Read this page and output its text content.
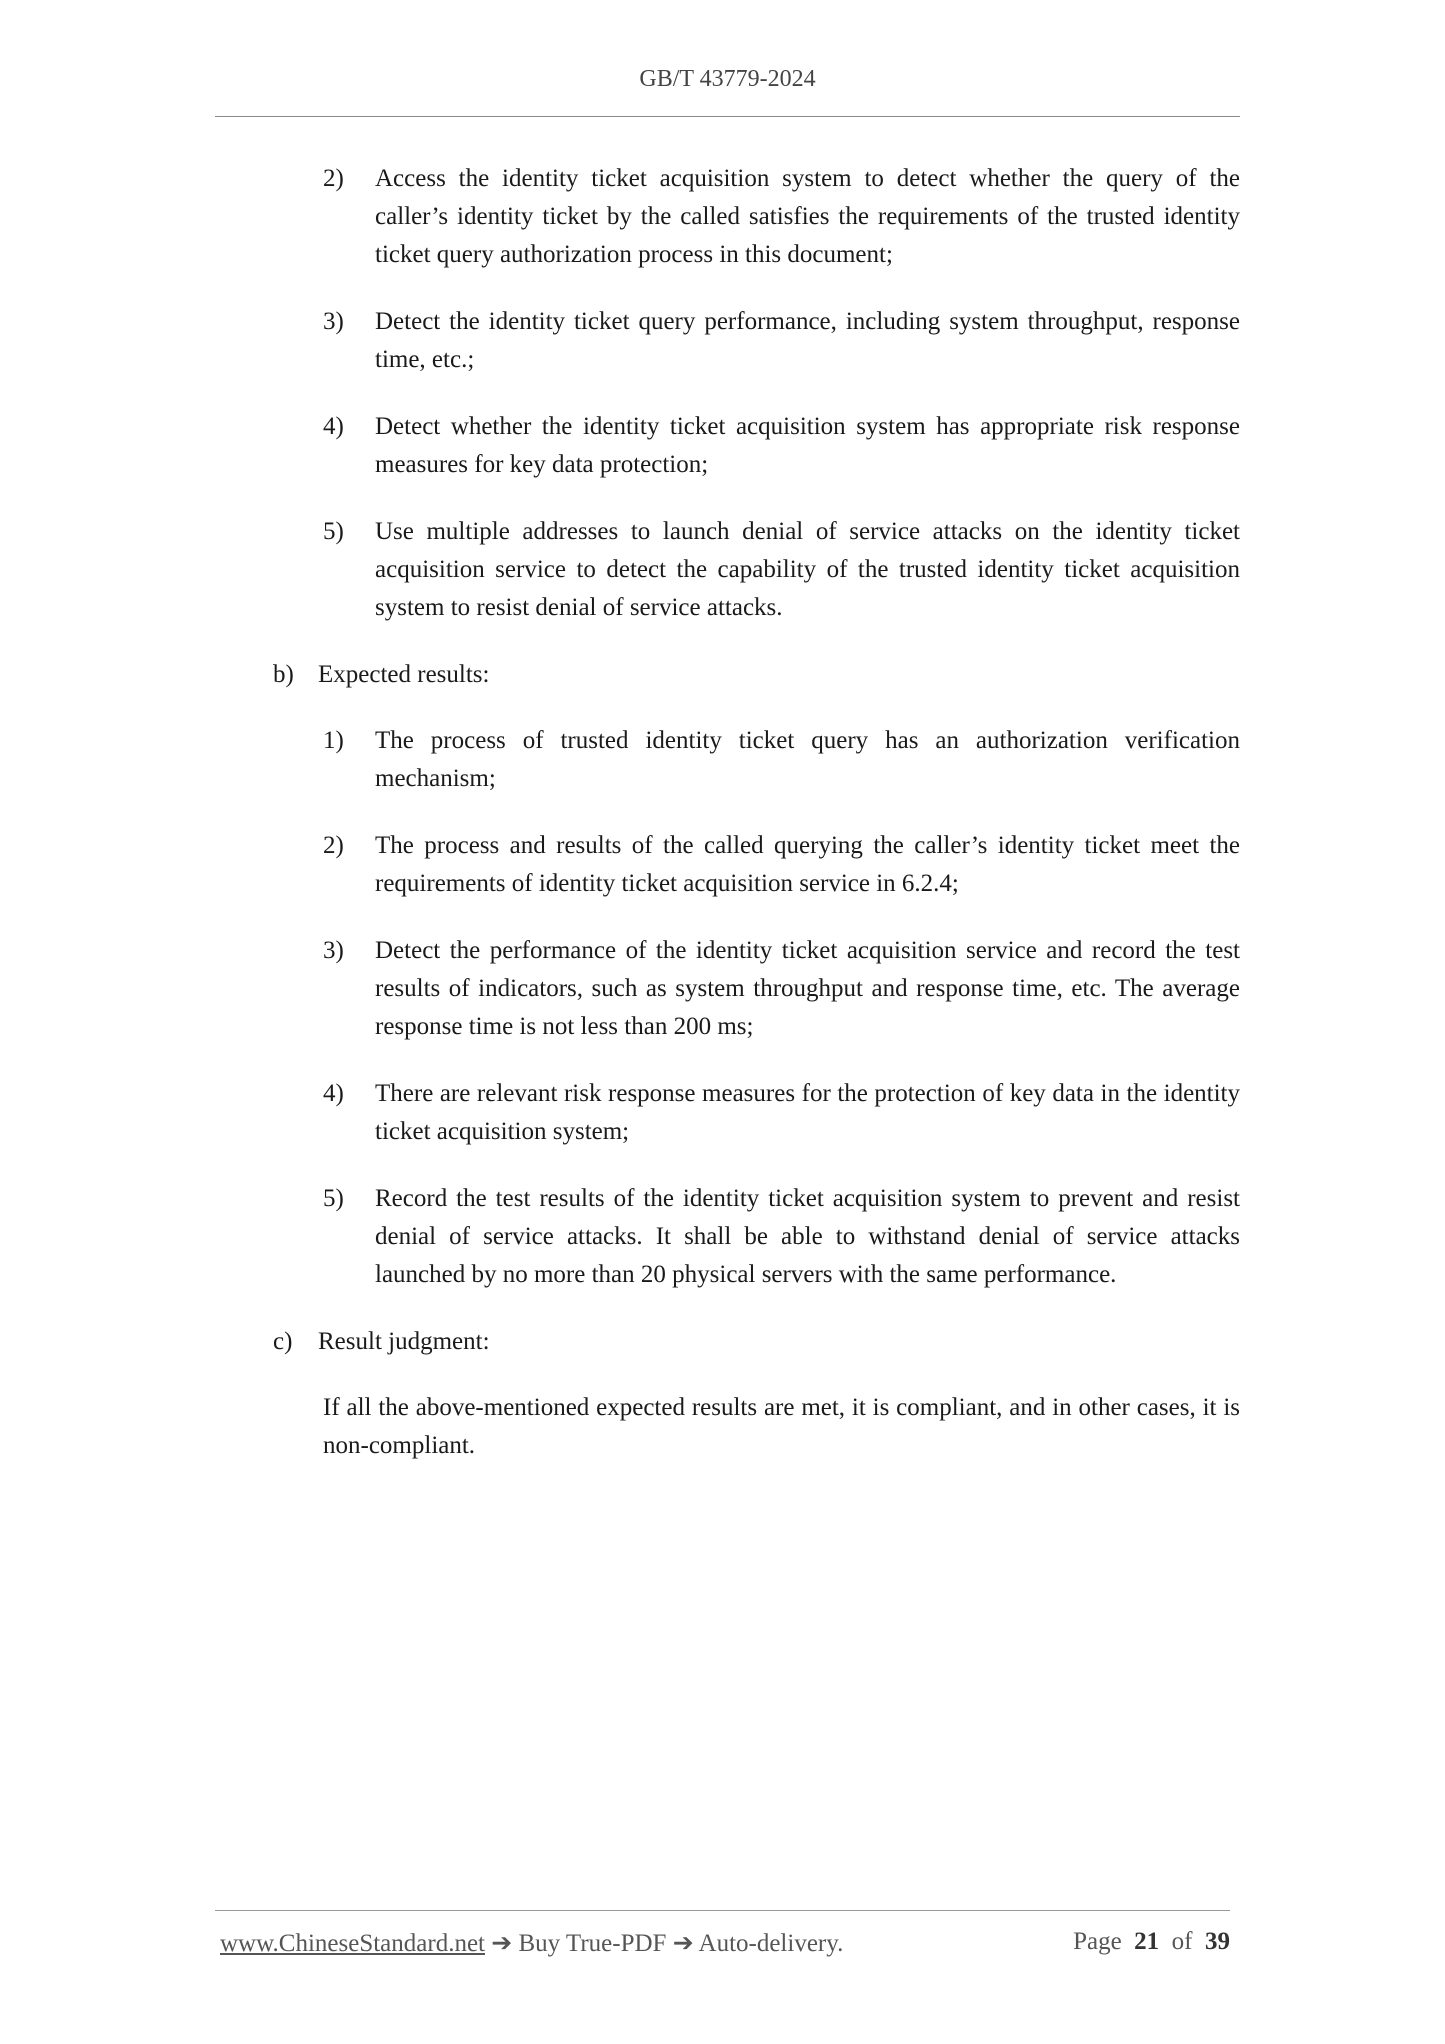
GB/T 43779-2024
2) Access the identity ticket acquisition system to detect whether the query of the caller’s identity ticket by the called satisfies the requirements of the trusted identity ticket query authorization process in this document;
3) Detect the identity ticket query performance, including system throughput, response time, etc.;
4) Detect whether the identity ticket acquisition system has appropriate risk response measures for key data protection;
5) Use multiple addresses to launch denial of service attacks on the identity ticket acquisition service to detect the capability of the trusted identity ticket acquisition system to resist denial of service attacks.
b) Expected results:
1) The process of trusted identity ticket query has an authorization verification mechanism;
2) The process and results of the called querying the caller’s identity ticket meet the requirements of identity ticket acquisition service in 6.2.4;
3) Detect the performance of the identity ticket acquisition service and record the test results of indicators, such as system throughput and response time, etc. The average response time is not less than 200 ms;
4) There are relevant risk response measures for the protection of key data in the identity ticket acquisition system;
5) Record the test results of the identity ticket acquisition system to prevent and resist denial of service attacks. It shall be able to withstand denial of service attacks launched by no more than 20 physical servers with the same performance.
c) Result judgment:
If all the above-mentioned expected results are met, it is compliant, and in other cases, it is non-compliant.
www.ChineseStandard.net ➔ Buy True-PDF ➔ Auto-delivery.	Page 21 of 39
